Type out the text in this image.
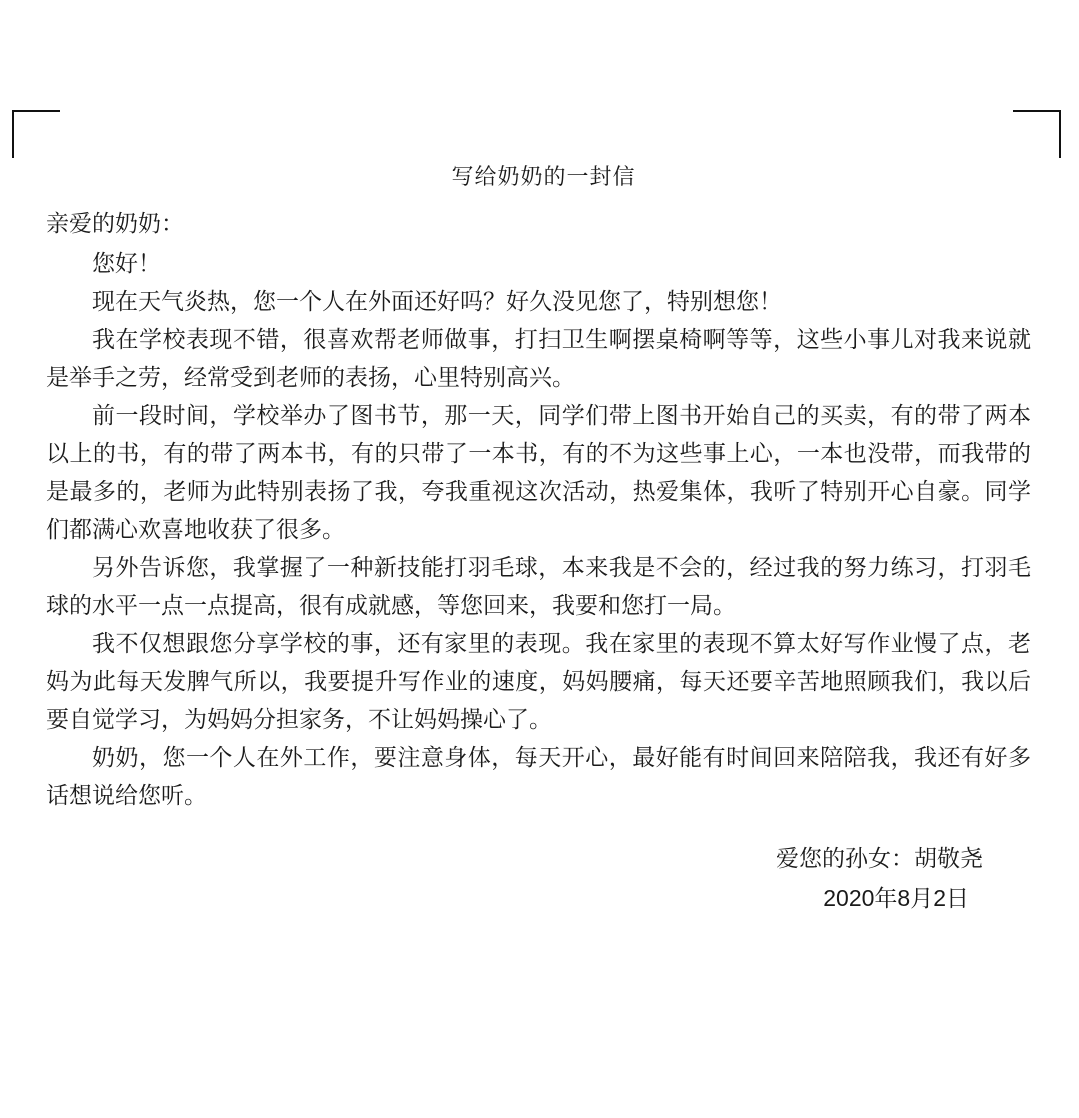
写给奶奶的一封信
亲爱的奶奶：

您好！

现在天气炎热，您一个人在外面还好吗？好久没见您了，特别想您！

我在学校表现不错，很喜欢帮老师做事，打扫卫生啊摆桌椅啊等等，这些小事儿对我来说就是举手之劳，经常受到老师的表扬，心里特别高兴。

前一段时间，学校举办了图书节，那一天，同学们带上图书开始自己的买卖，有的带了两本以上的书，有的带了两本书，有的只带了一本书，有的不为这些事上心，一本也没带，而我带的是最多的，老师为此特别表扬了我，夸我重视这次活动，热爱集体，我听了特别开心自豪。同学们都满心欢喜地收获了很多。

另外告诉您，我掌握了一种新技能打羽毛球，本来我是不会的，经过我的努力练习，打羽毛球的水平一点一点提高，很有成就感，等您回来，我要和您打一局。

我不仅想跟您分享学校的事，还有家里的表现。我在家里的表现不算太好写作业慢了点，老妈为此每天发脾气所以，我要提升写作业的速度，妈妈腰痛，每天还要辛苦地照顾我们，我以后要自觉学习，为妈妈分担家务，不让妈妈操心了。

奶奶，您一个人在外工作，要注意身体，每天开心，最好能有时间回来陪陪我，我还有好多话想说给您听。

爱您的孙女：胡敬尧
2020年8月2日
